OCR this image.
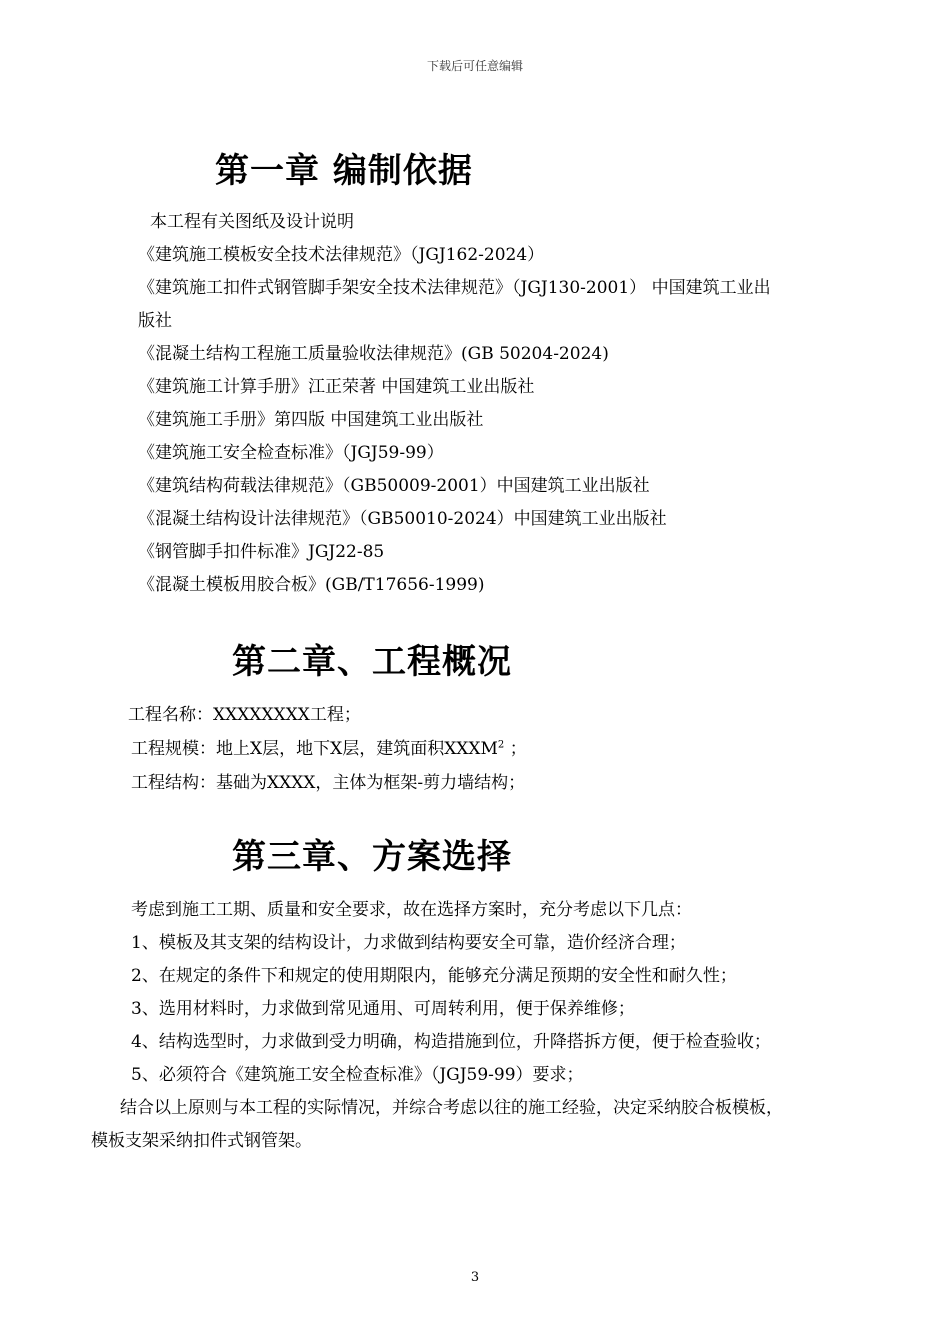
下载后可任意编辑
第一章 编制依据
本工程有关图纸及设计说明
《建筑施工模板安全技术法律规范》（JGJ162-2024）
《建筑施工扣件式钢管脚手架安全技术法律规范》（JGJ130-2001） 中国建筑工业出
版社
《混凝土结构工程施工质量验收法律规范》(GB 50204-2024)
《建筑施工计算手册》江正荣著 中国建筑工业出版社
《建筑施工手册》第四版 中国建筑工业出版社
《建筑施工安全检查标准》（JGJ59-99）
《建筑结构荷载法律规范》（GB50009-2001）中国建筑工业出版社
《混凝土结构设计法律规范》（GB50010-2024）中国建筑工业出版社
《钢管脚手扣件标准》JGJ22-85
《混凝土模板用胶合板》(GB/T17656-1999)
第二章、工程概况
工程名称：XXXXXXXX工程；
工程规模：地上X层，地下X层，建筑面积XXXM$^2$ ；
工程结构：基础为XXXX，主体为框架-剪力墙结构；
第三章、方案选择
考虑到施工工期、质量和安全要求，故在选择方案时，充分考虑以下几点：
1、模板及其支架的结构设计，力求做到结构要安全可靠，造价经济合理；
2、在规定的条件下和规定的使用期限内，能够充分满足预期的安全性和耐久性；
3、选用材料时，力求做到常见通用、可周转利用，便于保养维修；
4、结构选型时，力求做到受力明确，构造措施到位，升降搭拆方便，便于检查验收；
5、必须符合《建筑施工安全检查标准》（JGJ59-99）要求；
结合以上原则与本工程的实际情况，并综合考虑以往的施工经验，决定采纳胶合板模板，
模板支架采纳扣件式钢管架。
3
